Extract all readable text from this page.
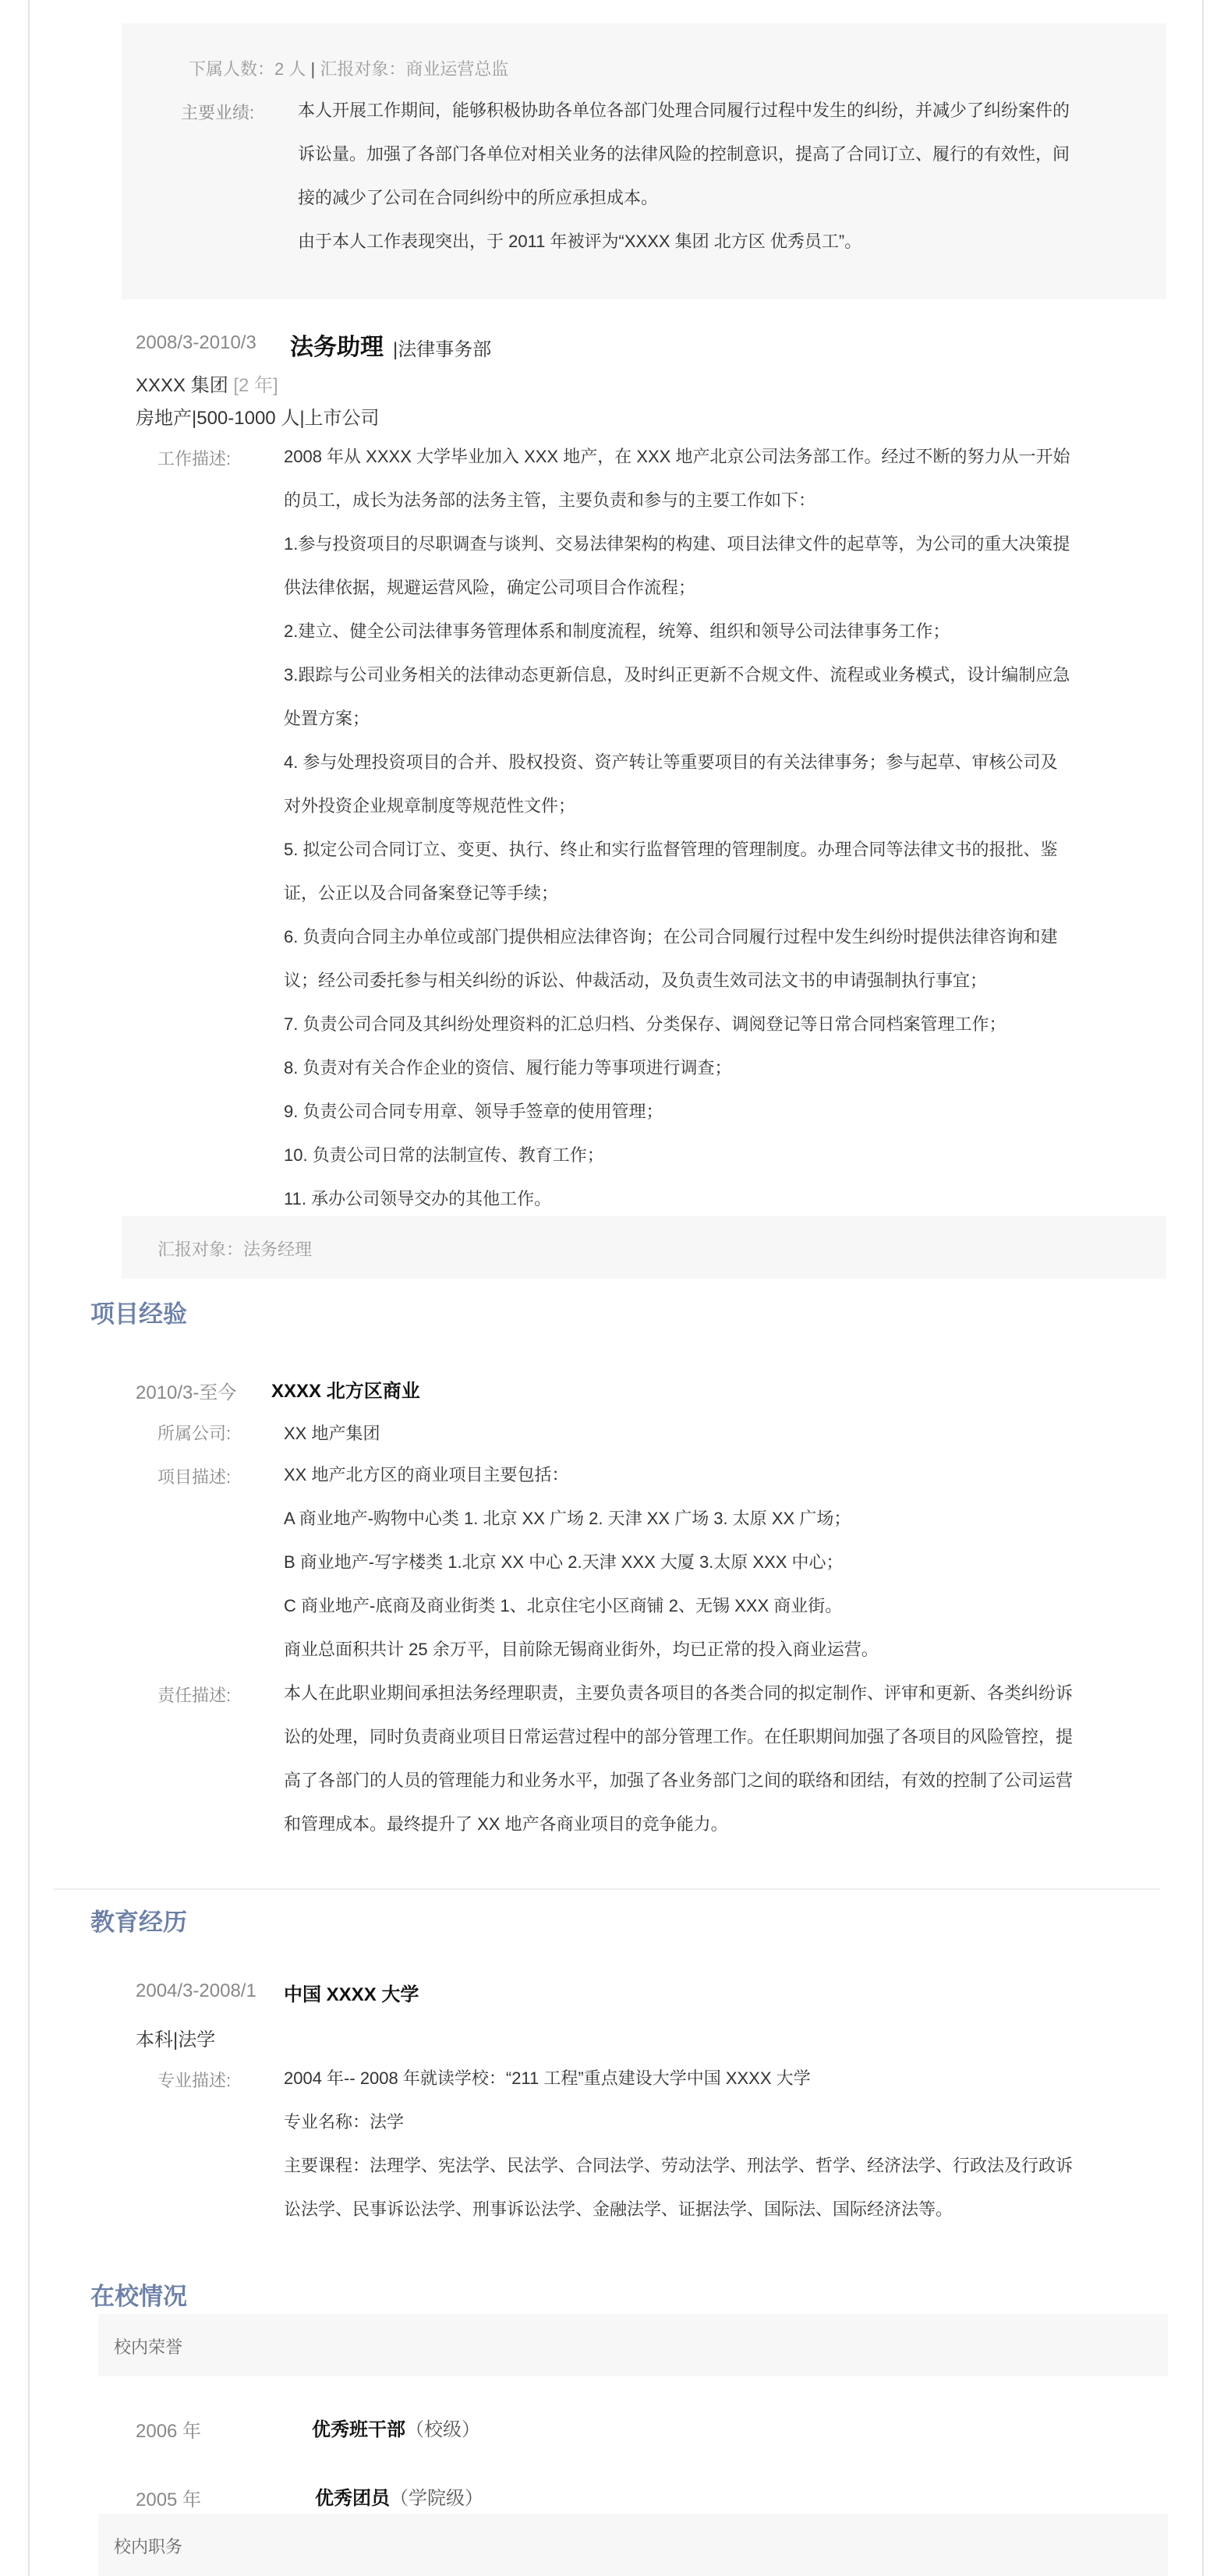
下属人数：2 人 | 汇报对象：商业运营总监
主要业绩:	本人开展工作期间，能够积极协助各单位各部门处理合同履行过程中发生的纠纷，并减少了纠纷案件的
诉讼量。加强了各部门各单位对相关业务的法律风险的控制意识，提高了合同订立、履行的有效性，间
接的减少了公司在合同纠纷中的所应承担成本。
由于本人工作表现突出，于 2011 年被评为“XXXX 集团 北方区 优秀员工”。
2008/3-2010/3 法务助理 |法律事务部
XXXX 集团 [2 年]
房地产|500-1000 人|上市公司
工作描述:	2008 年从 XXXX 大学毕业加入 XXX 地产，在 XXX 地产北京公司法务部工作。经过不断的努力从一开始
的员工，成长为法务部的法务主管，主要负责和参与的主要工作如下：
1.参与投资项目的尽职调查与谈判、交易法律架构的构建、项目法律文件的起草等，为公司的重大决策提
供法律依据，规避运营风险，确定公司项目合作流程；
2.建立、健全公司法律事务管理体系和制度流程，统筹、组织和领导公司法律事务工作；
3.跟踪与公司业务相关的法律动态更新信息，及时纠正更新不合规文件、流程或业务模式，设计编制应急
处置方案；
4. 参与处理投资项目的合并、股权投资、资产转让等重要项目的有关法律事务；参与起草、审核公司及
对外投资企业规章制度等规范性文件；
5. 拟定公司合同订立、变更、执行、终止和实行监督管理的管理制度。办理合同等法律文书的报批、鉴
证，公正以及合同备案登记等手续；
6. 负责向合同主办单位或部门提供相应法律咨询；在公司合同履行过程中发生纠纷时提供法律咨询和建
议；经公司委托参与相关纠纷的诉讼、仲裁活动，及负责生效司法文书的申请强制执行事宜；
7. 负责公司合同及其纠纷处理资料的汇总归档、分类保存、调阅登记等日常合同档案管理工作；
8. 负责对有关合作企业的资信、履行能力等事项进行调查；
9. 负责公司合同专用章、领导手签章的使用管理；
10. 负责公司日常的法制宣传、教育工作；
11. 承办公司领导交办的其他工作。
汇报对象：法务经理
项目经验
2010/3-至今 XXXX 北方区商业
所属公司:	XX 地产集团
项目描述:	XX 地产北方区的商业项目主要包括：
A 商业地产-购物中心类 1. 北京 XX 广场 2. 天津 XX 广场 3. 太原 XX 广场；
B 商业地产-写字楼类 1.北京 XX 中心 2.天津 XXX 大厦 3.太原 XXX 中心；
C 商业地产-底商及商业街类 1、北京住宅小区商铺 2、无锡 XXX 商业街。
商业总面积共计 25 余万平，目前除无锡商业街外，均已正常的投入商业运营。
责任描述:	本人在此职业期间承担法务经理职责，主要负责各项目的各类合同的拟定制作、评审和更新、各类纠纷诉
讼的处理，同时负责商业项目日常运营过程中的部分管理工作。在任职期间加强了各项目的风险管控，提
高了各部门的人员的管理能力和业务水平，加强了各业务部门之间的联络和团结，有效的控制了公司运营
和管理成本。最终提升了 XX 地产各商业项目的竞争能力。
教育经历
2004/3-2008/1 中国 XXXX 大学
本科|法学
专业描述:	2004 年-- 2008 年就读学校：“211 工程”重点建设大学中国 XXXX 大学
专业名称：法学
主要课程：法理学、宪法学、民法学、合同法学、劳动法学、刑法学、哲学、经济法学、行政法及行政诉
讼法学、民事诉讼法学、刑事诉讼法学、金融法学、证据法学、国际法、国际经济法等。
在校情况
校内荣誉
2006 年	优秀班干部（校级）
2005 年	优秀团员（学院级）
校内职务
